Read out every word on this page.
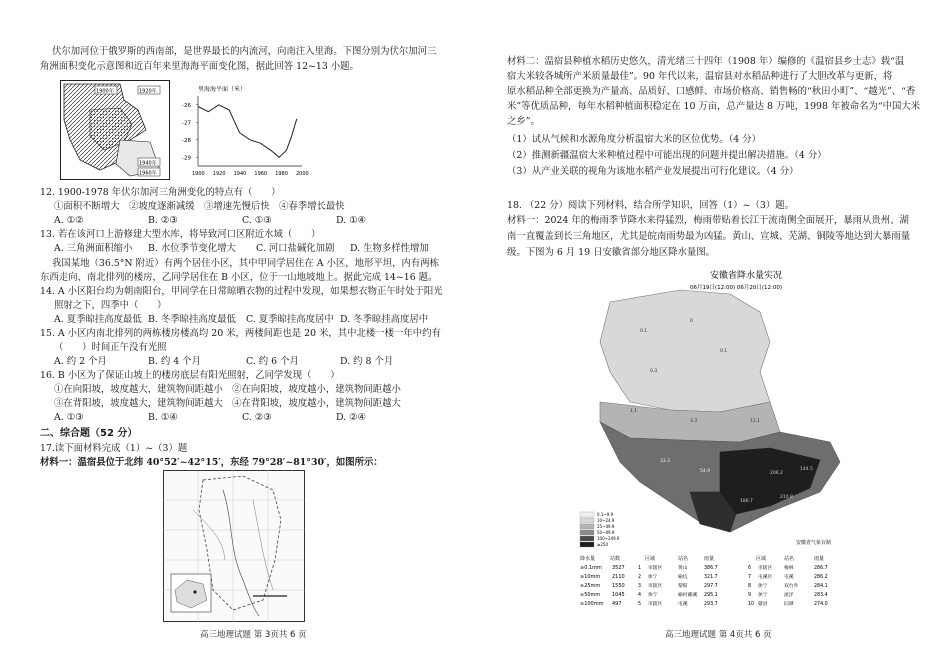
伏尔加河位于俄罗斯的西南部，是世界最长的内流河，向南注入里海。下图分别为伏尔加河三
角洲面积变化示意图和近百年来里海海平面变化图，据此回答 12~13 小题。
1900年	1920年
1940年
1960年
里海海平面（米）
-26
-27
-28
-29
1900 1920 1940 1960 1980 2000
12. 1900-1978 年伏尔加河三角洲变化的特点有（　　）
①面积不断增大　②坡度逐渐减缓　③增速先慢后快　④春季增长最快
A. ①②	B. ②③	C. ①③	D. ①④
13. 若在该河口上游修建大型水库，将导致河口区附近水域（　　）
A. 三角洲面积缩小 B. 水位季节变化增大 C. 河口盐碱化加剧 D. 生物多样性增加
我国某地（36.5°N 附近）有两个居住小区，其中甲同学居住在 A 小区，地形平坦，内有两栋
东西走向、南北排列的楼房，乙同学居住在 B 小区，位于一山地坡地上。据此完成 14~16 题。
14. A 小区阳台均为朝南阳台，甲同学在日常晾晒衣物的过程中发现，如果想衣物正午时处于阳光
照射之下，四季中（　　）
A. 夏季晾挂高度最低 B. 冬季晾挂高度最低 C. 夏季晾挂高度居中 D. 冬季晾挂高度居中
15. A 小区内南北排列的两栋楼房楼高均 20 米，两楼间距也是 20 米，其中北楼一楼一年中约有
（　　）时间正午没有光照
A. 约 2 个月	B. 约 4 个月	C. 约 6 个月	D. 约 8 个月
16. B 小区为了保证山坡上的楼房底层有阳光照射，乙同学发现（　　）
①在向阳坡，坡度越大，建筑物间距越小　②在向阳坡，坡度越小，建筑物间距越小
③在背阳坡，坡度越大，建筑物间距越大　④在背阳坡，坡度越小，建筑物间距越大
A. ①③	B. ①④	C. ②③	D. ②④
二、综合题（52 分）
17.读下面材料完成（1）~（3）题
材料一：温宿县位于北纬 40°52′~42°15′，东经 79°28′~81°30′，如图所示：
高三地理试题 第 3页共 6 页
材料二：温宿县种植水稻历史悠久，清光绪三十四年（1908 年）编修的《温宿县乡土志》载“温
宿大米较各城所产米质量最佳”。90 年代以来，温宿县对水稻品种进行了大胆改革与更新，将
原水稻品种全部更换为产量高、品质好、口感鲜、市场价格高、销售畅的“秋田小町”、“越光”、“香
米”等优质品种，每年水稻种植面积稳定在 10 万亩，总产量达 8 万吨，1998 年被命名为“中国大米
之乡”。
（1）试从气候和水源角度分析温宿大米的区位优势。（4 分）
（2）推测新疆温宿大米种植过程中可能出现的问题并提出解决措施。（4 分）
（3）从产业关联的视角为该地水稻产业发展提出可行化建议。（4 分）
18. （22 分）阅读下列材料，结合所学知识，回答（1）~（3）题。
材料一：2024 年的梅雨季节降水来得猛烈，梅雨带贴着长江干流南侧全面展开，暴雨从贵州、湖
南一直覆盖到长三角地区，尤其是皖南雨势最为凶猛。黄山、宣城、芜湖、铜陵等地达到大暴雨量
级。下图为 6 月 19 日安徽省部分地区降水量图。
安徽省降水量实况
06月19日(12:00) 06月20日(12:00)
0.1
0
0.1
0.3
1.1
3.3	12.1
33.3
54.9	206.2
144.5
186.7
210.8
0.1~9.9
10~24.9
25~49.9
50~99.9
100~249.9
≥250	安徽省气象台制
降水量	站数
≥0.1mm 3527
≥10mm 2110
≥25mm 1550
≥50mm 1045
≥100mm 497
区域	站名	雨量	区域	站名	雨量
1 市辖区	黄山	386.7
2 休宁	榆坑	321.7
3 市辖区	黎阳	297.7
4 休宁	榆村藏溪 295.1
5 市辖区	屯溪	293.7
6 市辖区 梅林	286.7
7 屯溪区 屯溪	286.2
8 休宁	双台外	284.1
9 休宁	流洋	283.4
10 歙县	旧潭	274.0
高三地理试题 第 4页共 6 页
